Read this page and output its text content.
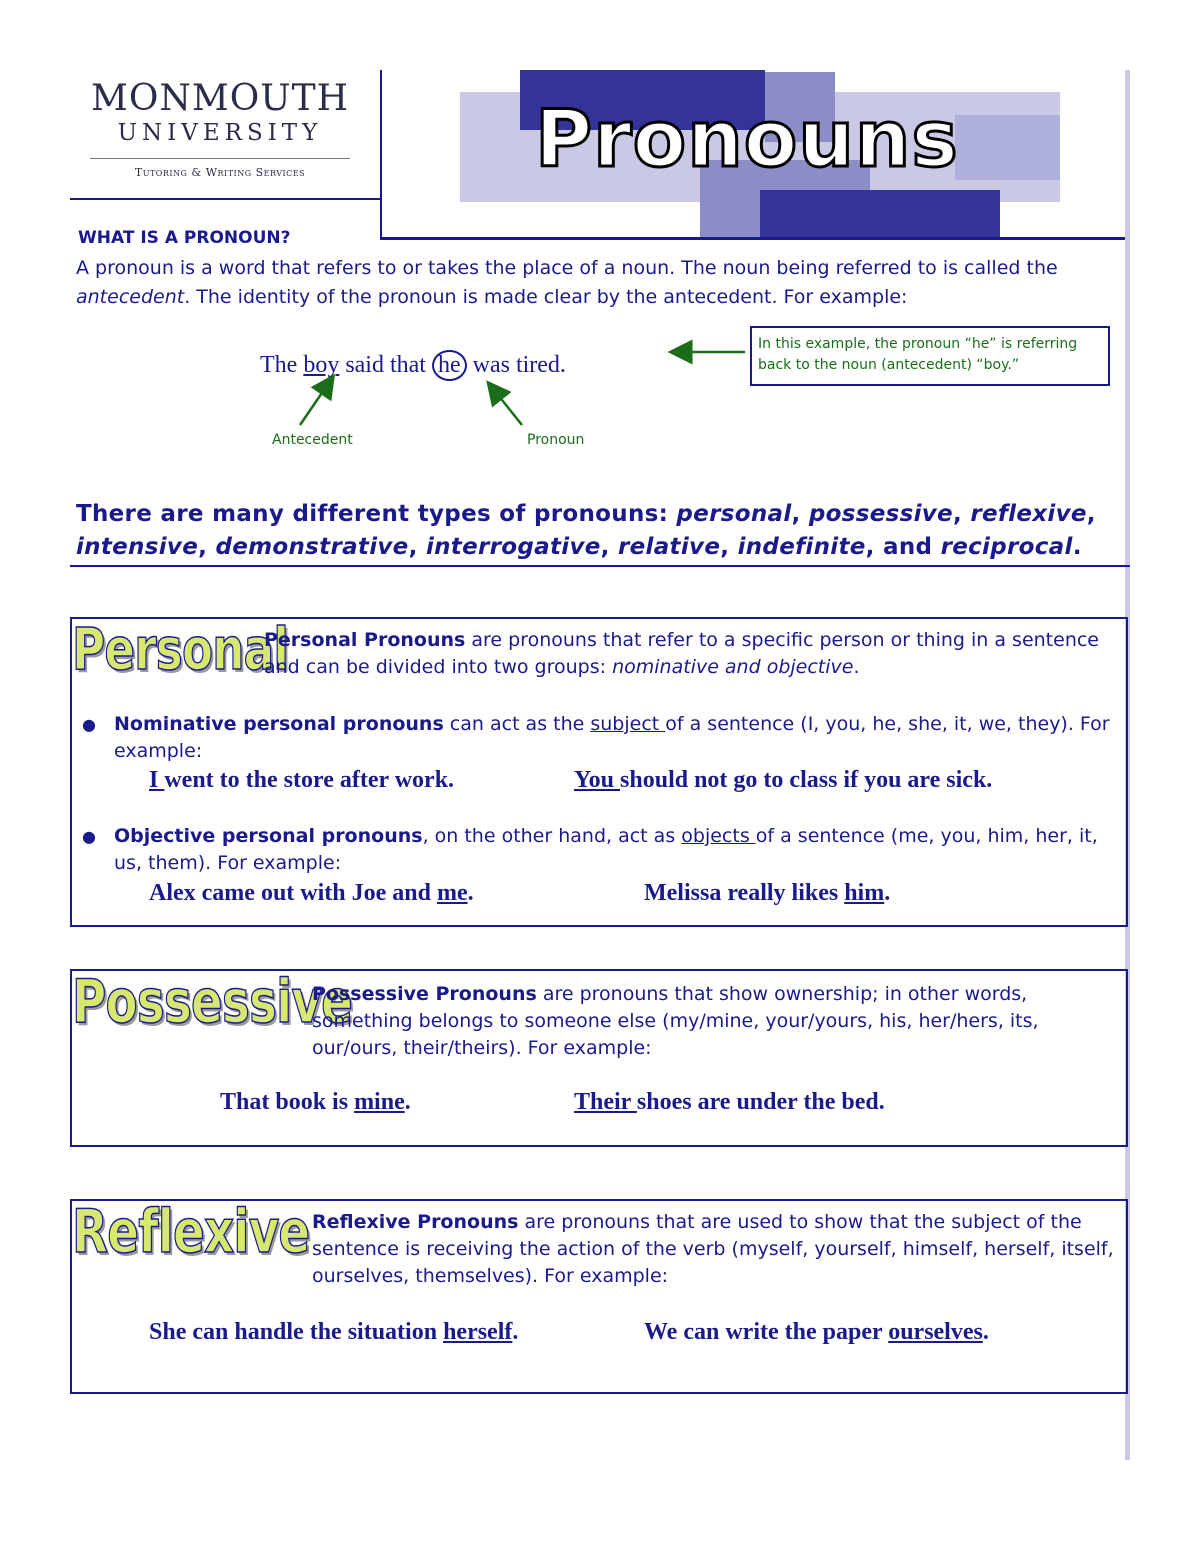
MONMOUTH
UNIVERSITY
Tutoring & Writing Services	Pronouns
WHAT IS A PRONOUN?
A pronoun is a word that refers to or takes the place of a noun. The noun being referred to is called the antecedent. The identity of the pronoun is made clear by the antecedent. For example:
The boy said that he was tired.
Antecedent	Pronoun
In this example, the pronoun “he” is referring back to the noun (antecedent) “boy.”
There are many different types of pronouns: personal, possessive, reflexive, intensive, demonstrative, interrogative, relative, indefinite, and reciprocal.
Personal
Personal Pronouns are pronouns that refer to a specific person or thing in a sentence and can be divided into two groups: nominative and objective.
● Nominative personal pronouns can act as the subject of a sentence (I, you, he, she, it, we, they). For example:
I went to the store after work.	You should not go to class if you are sick.
● Objective personal pronouns, on the other hand, act as objects of a sentence (me, you, him, her, it, us, them). For example:
Alex came out with Joe and me.	Melissa really likes him.
Possessive
Possessive Pronouns are pronouns that show ownership; in other words, something belongs to someone else (my/mine, your/yours, his, her/hers, its, our/ours, their/theirs). For example:
That book is mine.	Their shoes are under the bed.
Reflexive Reflexive Pronouns are pronouns that are used to show that the subject of the sentence is receiving the action of the verb (myself, yourself, himself, herself, itself, ourselves, themselves). For example:
She can handle the situation herself.	We can write the paper ourselves.
